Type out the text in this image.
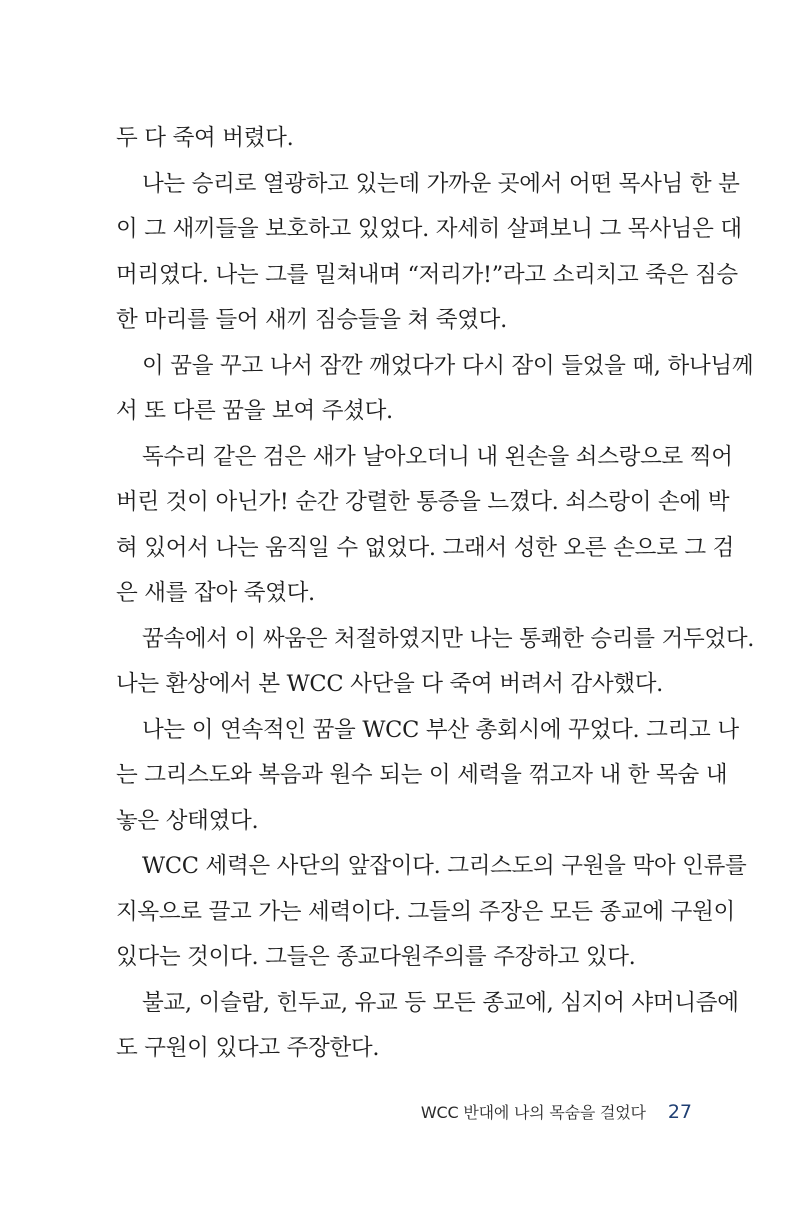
두 다 죽여 버렸다.
나는 승리로 열광하고 있는데 가까운 곳에서 어떤 목사님 한 분
이 그 새끼들을 보호하고 있었다. 자세히 살펴보니 그 목사님은 대
머리였다. 나는 그를 밀쳐내며 “저리가!”라고 소리치고 죽은 짐승
한 마리를 들어 새끼 짐승들을 쳐 죽였다.
이 꿈을 꾸고 나서 잠깐 깨었다가 다시 잠이 들었을 때, 하나님께
서 또 다른 꿈을 보여 주셨다.
독수리 같은 검은 새가 날아오더니 내 왼손을 쇠스랑으로 찍어
버린 것이 아닌가! 순간 강렬한 통증을 느꼈다. 쇠스랑이 손에 박
혀 있어서 나는 움직일 수 없었다. 그래서 성한 오른 손으로 그 검
은 새를 잡아 죽였다.
꿈속에서 이 싸움은 처절하였지만 나는 통쾌한 승리를 거두었다.
나는 환상에서 본 WCC 사단을 다 죽여 버려서 감사했다.
나는 이 연속적인 꿈을 WCC 부산 총회시에 꾸었다. 그리고 나
는 그리스도와 복음과 원수 되는 이 세력을 꺾고자 내 한 목숨 내
놓은 상태였다.
WCC 세력은 사단의 앞잡이다. 그리스도의 구원을 막아 인류를
지옥으로 끌고 가는 세력이다. 그들의 주장은 모든 종교에 구원이
있다는 것이다. 그들은 종교다원주의를 주장하고 있다.
불교, 이슬람, 힌두교, 유교 등 모든 종교에, 심지어 샤머니즘에
도 구원이 있다고 주장한다.
WCC 반대에 나의 목숨을 걸었다 27
